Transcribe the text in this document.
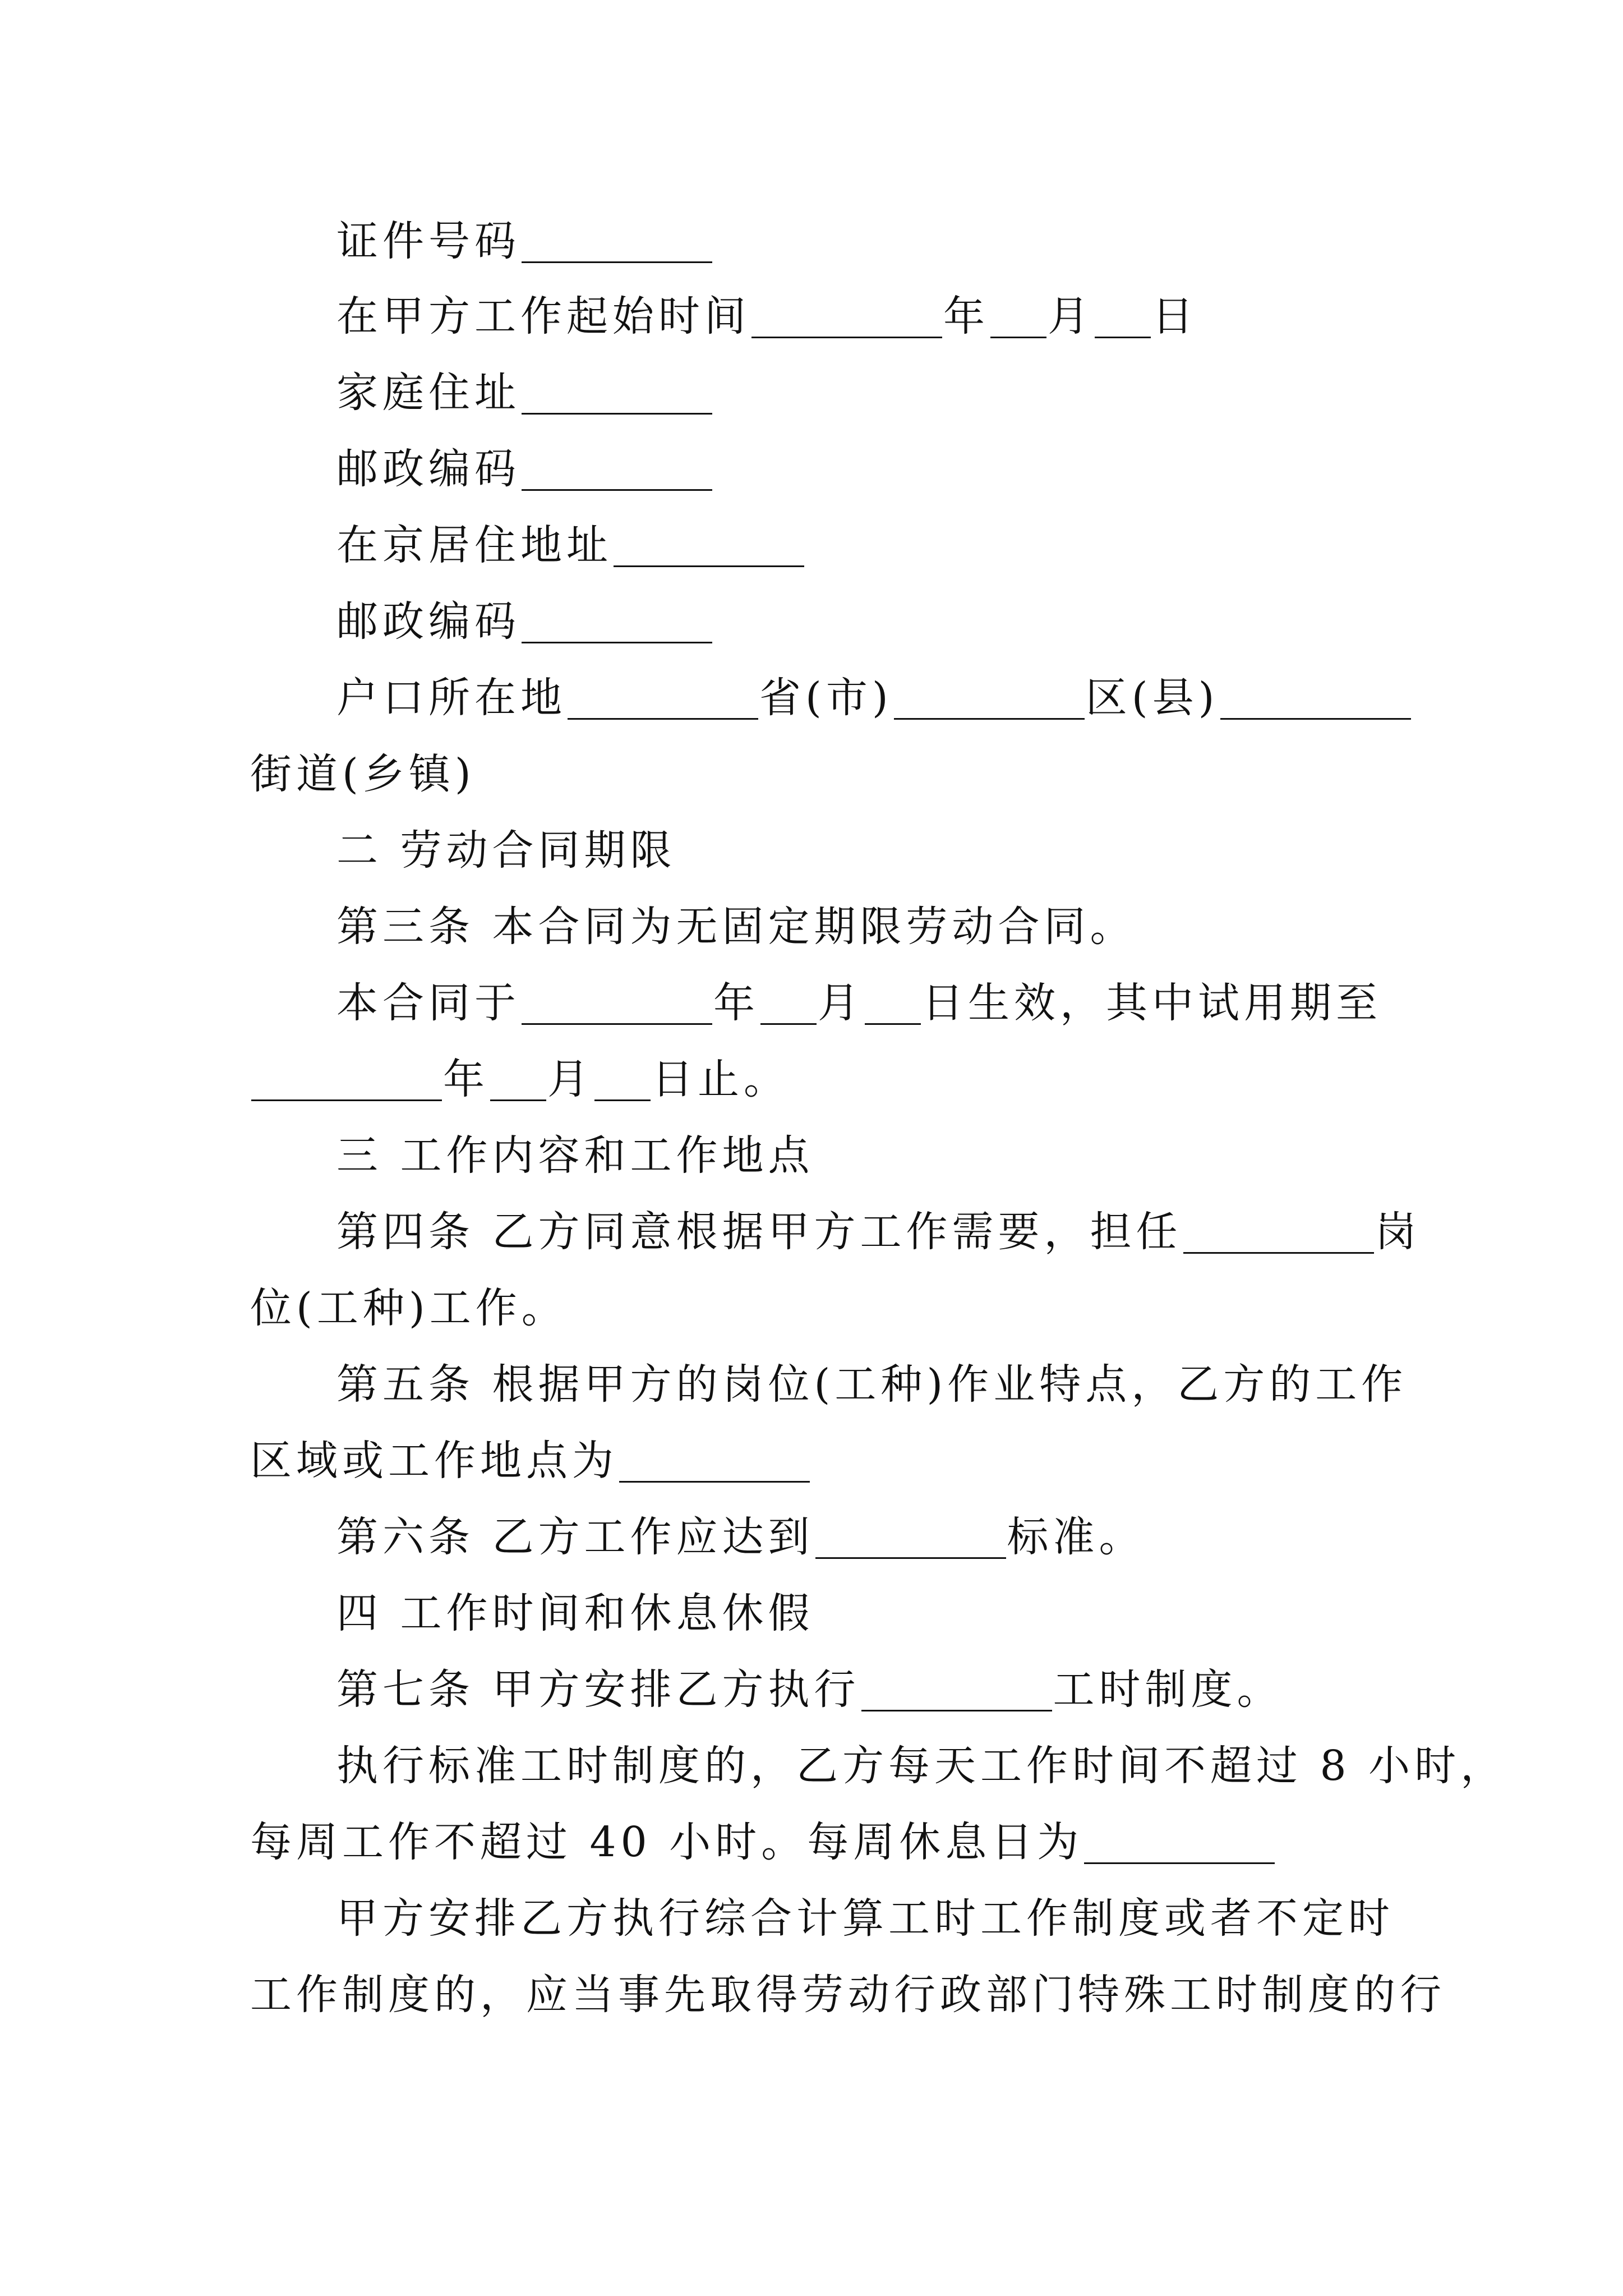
证件号码
在甲方工作起始时间	年 月 日
家庭住址
邮政编码
在京居住地址
邮政编码
户口所在地	省(市)	区(县)
街道(乡镇)
二 劳动合同期限
第三条 本合同为无固定期限劳动合同。
本合同于	年 月 日生效，其中试用期至
年 月 日止。
三 工作内容和工作地点
第四条 乙方同意根据甲方工作需要，担任	岗
位(工种)工作。
第五条 根据甲方的岗位(工种)作业特点，乙方的工作
区域或工作地点为
第六条 乙方工作应达到	标准。
四 工作时间和休息休假
第七条 甲方安排乙方执行	工时制度。
执行标准工时制度的，乙方每天工作时间不超过 8 小时，
每周工作不超过 40 小时。每周休息日为
甲方安排乙方执行综合计算工时工作制度或者不定时
工作制度的，应当事先取得劳动行政部门特殊工时制度的行
